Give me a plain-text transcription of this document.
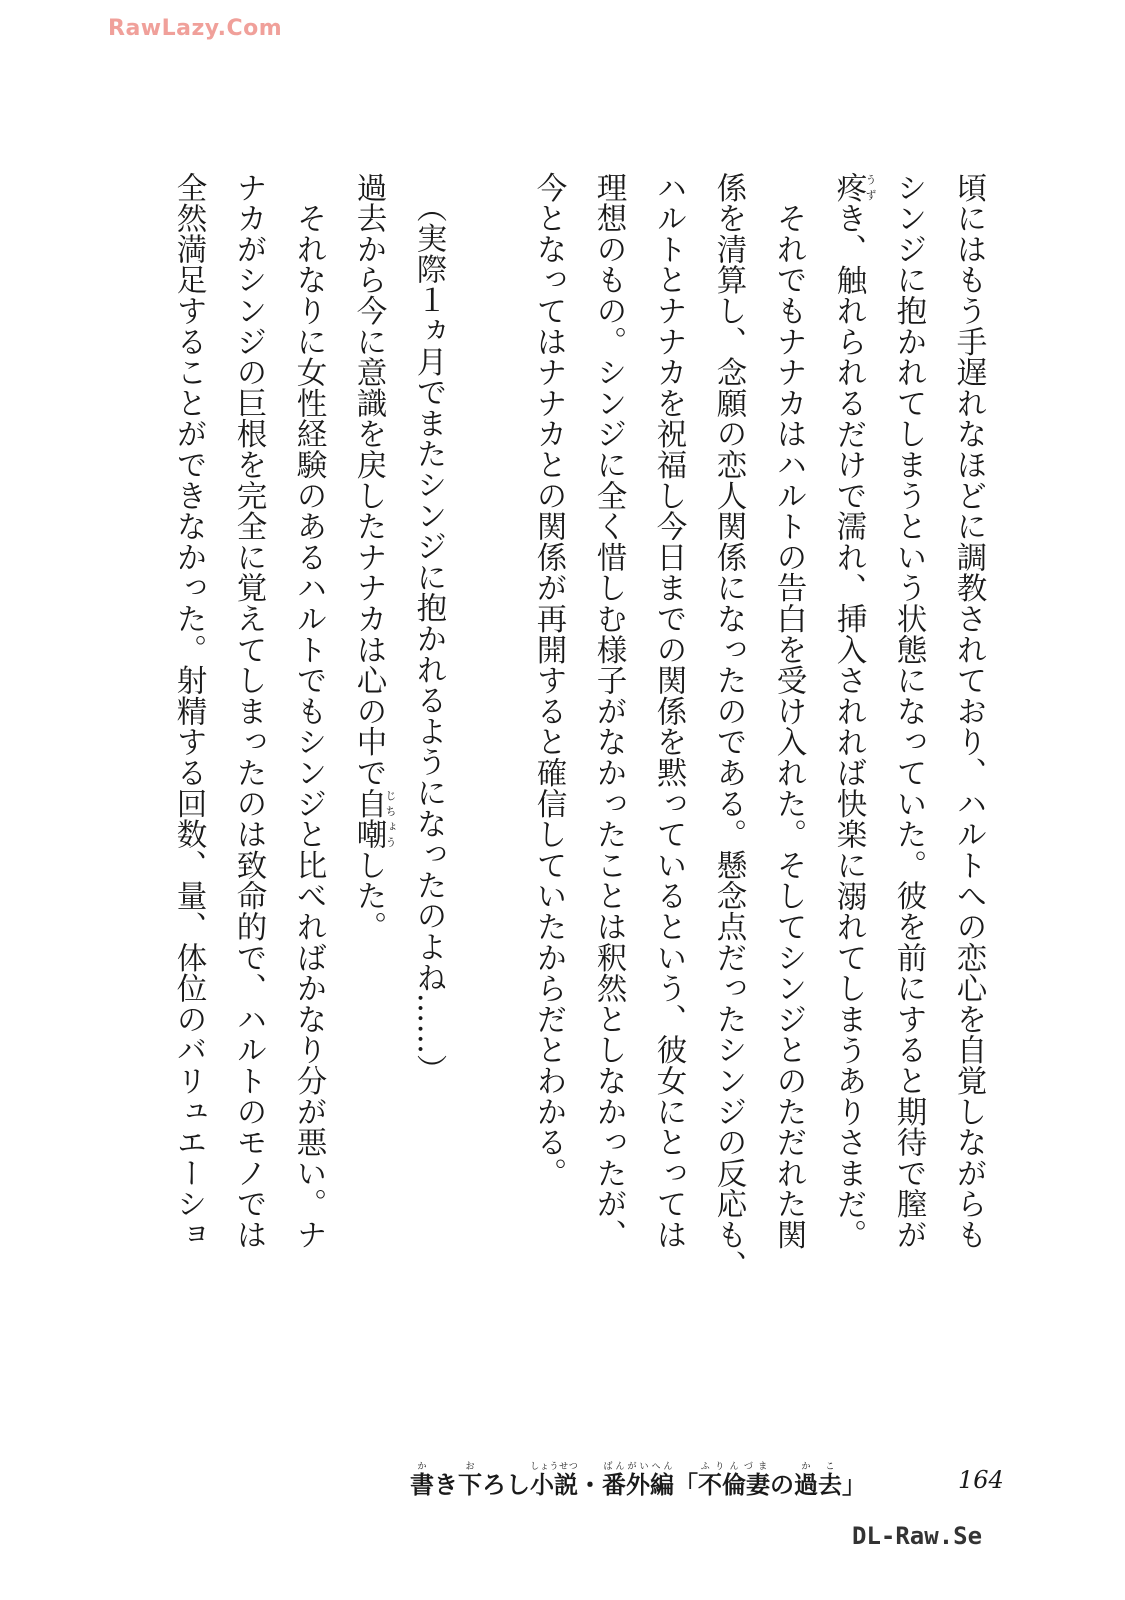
RawLazy.Com
頃にはもう手遅れなほどに調教されており、ハルトへの恋心を自覚しながらも
シンジに抱かれてしまうという状態になっていた。彼を前にすると期待で膣が
疼うずき、触れられるだけで濡れ、挿入されれば快楽に溺れてしまうありさまだ。
　それでもナナカはハルトの告白を受け入れた。そしてシンジとのただれた関
係を清算し、念願の恋人関係になったのである。懸念点だったシンジの反応も、
ハルトとナナカを祝福し今日までの関係を黙っているという、彼女にとっては
理想のもの。シンジに全く惜しむ様子がなかったことは釈然としなかったが、
今となってはナナカとの関係が再開すると確信していたからだとわかる。
（実際１ヵ月でまたシンジに抱かれるようになったのよね……）
過去から今に意識を戻したナナカは心の中で自嘲じちょうした。
　それなりに女性経験のあるハルトでもシンジと比べればかなり分が悪い。ナ
ナカがシンジの巨根を完全に覚えてしまったのは致命的で、ハルトのモノでは
全然満足することができなかった。射精する回数、量、体位のバリュエーショ
書かき下おろし小説しょうせつ・番外編ばんがいへん「不倫妻ふりんづまの過去かこ」	164
DL-Raw.Se
